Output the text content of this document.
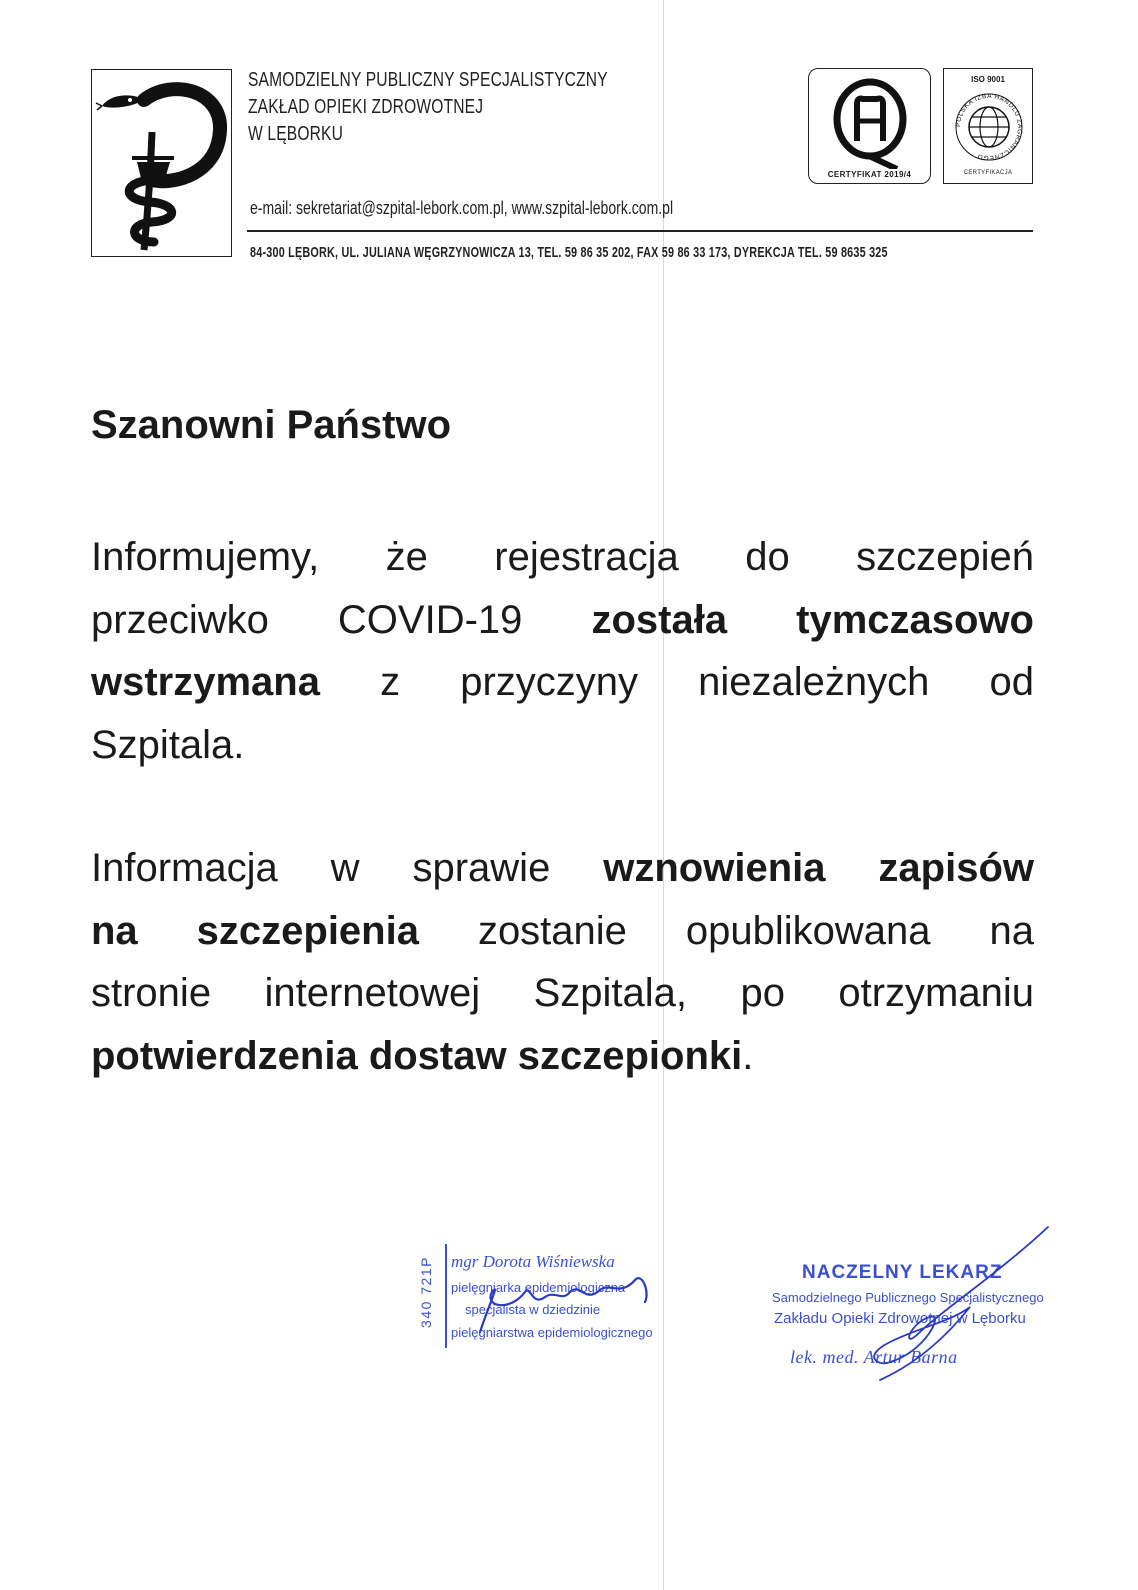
SAMODZIELNY PUBLICZNY SPECJALISTYCZNY
ZAKŁAD OPIEKI ZDROWOTNEJ
W LĘBORKU
e-mail: sekretariat@szpital-lebork.com.pl, www.szpital-lebork.com.pl
84-300 LĘBORK, UL. JULIANA WĘGRZYNOWICZA 13, TEL. 59 86 35 202, FAX 59 86 33 173, DYREKCJA TEL. 59 8635 325
CERTYFIKAT 2019/4
ISO 9001
POLSKA IZBA HANDLU ZAGRANICZNEGO
CERTYFIKACJA
Szanowni Państwo
Informujemy, że rejestracja do szczepień
przeciwko COVID-19 została tymczasowo
wstrzymana z przyczyny niezależnych od
Szpitala.
Informacja w sprawie wznowienia zapisów
na szczepienia zostanie opublikowana na
stronie internetowej Szpitala, po otrzymaniu
potwierdzenia dostaw szczepionki.
340 721P mgr Dorota Wiśniewska
pielęgniarka epidemiologiczna
specjalista w dziedzinie
pielęgniarstwa epidemiologicznego
NACZELNY LEKARZ
Samodzielnego Publicznego Specjalistycznego
Zakładu Opieki Zdrowotnej w Lęborku
lek. med. Artur Barna
